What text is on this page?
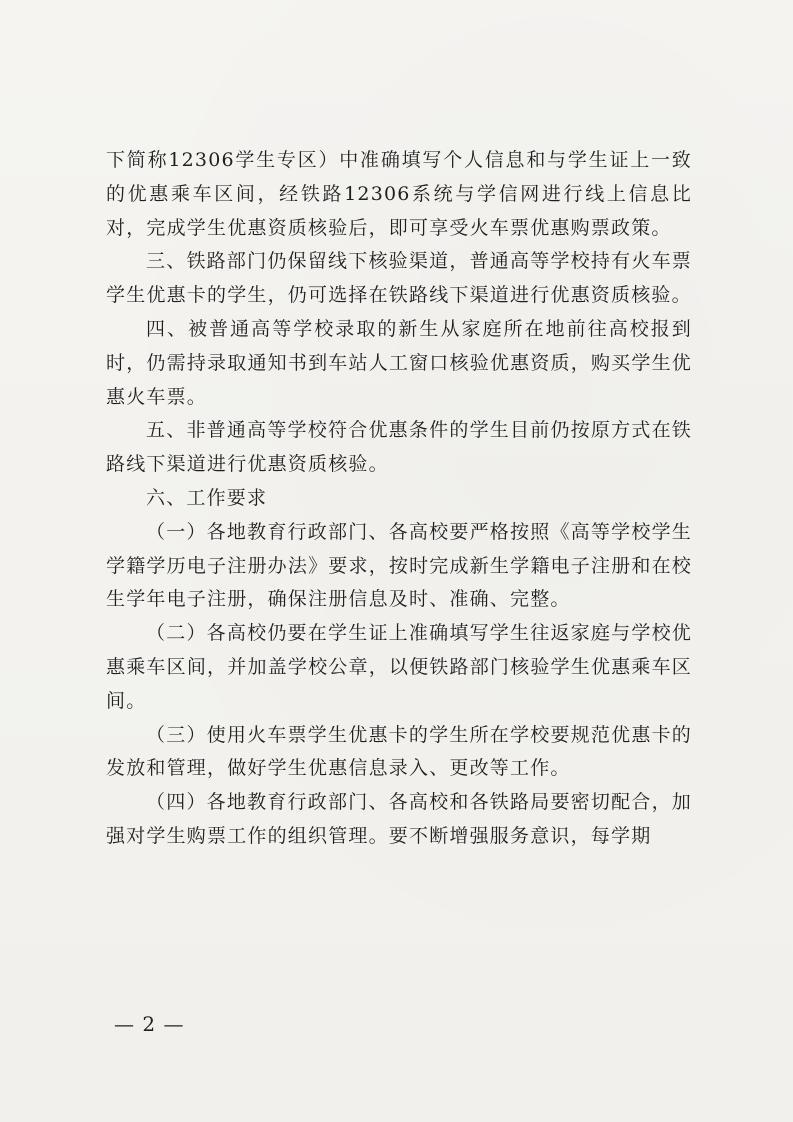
下简称12306学生专区）中准确填写个人信息和与学生证上一致的优惠乘车区间，经铁路12306系统与学信网进行线上信息比对，完成学生优惠资质核验后，即可享受火车票优惠购票政策。

三、铁路部门仍保留线下核验渠道，普通高等学校持有火车票学生优惠卡的学生，仍可选择在铁路线下渠道进行优惠资质核验。

四、被普通高等学校录取的新生从家庭所在地前往高校报到时，仍需持录取通知书到车站人工窗口核验优惠资质，购买学生优惠火车票。

五、非普通高等学校符合优惠条件的学生目前仍按原方式在铁路线下渠道进行优惠资质核验。

六、工作要求

（一）各地教育行政部门、各高校要严格按照《高等学校学生学籍学历电子注册办法》要求，按时完成新生学籍电子注册和在校生学年电子注册，确保注册信息及时、准确、完整。

（二）各高校仍要在学生证上准确填写学生往返家庭与学校优惠乘车区间，并加盖学校公章，以便铁路部门核验学生优惠乘车区间。

（三）使用火车票学生优惠卡的学生所在学校要规范优惠卡的发放和管理，做好学生优惠信息录入、更改等工作。

（四）各地教育行政部门、各高校和各铁路局要密切配合，加强对学生购票工作的组织管理。要不断增强服务意识，每学期

— 2 —
